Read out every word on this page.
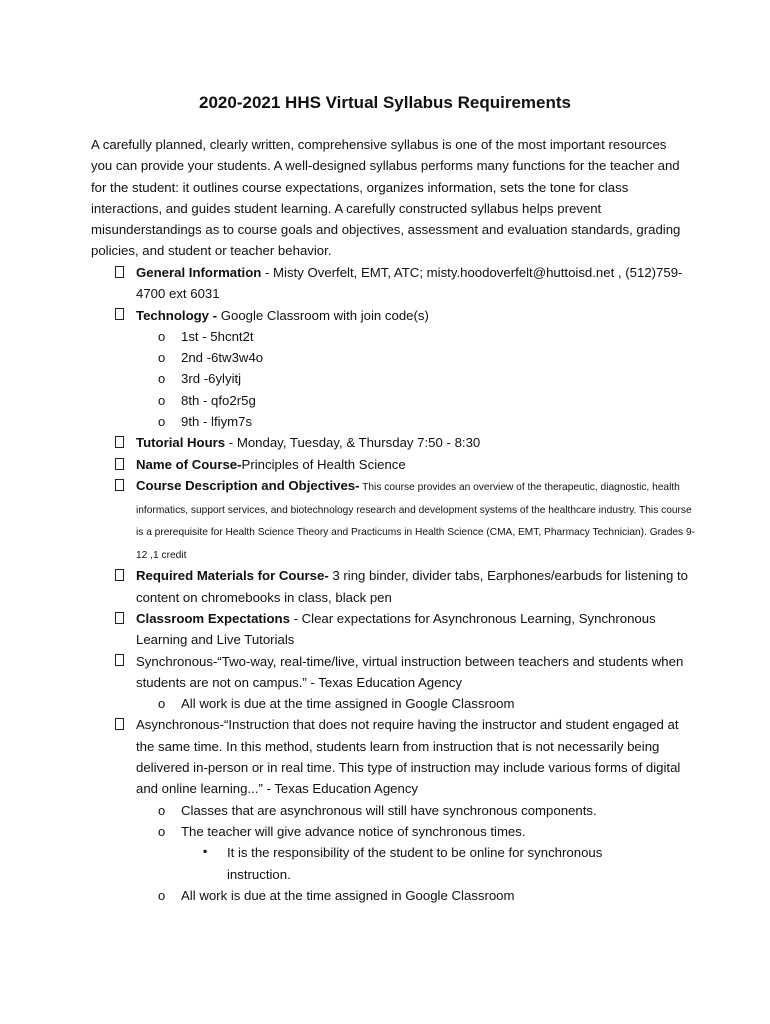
2020-2021 HHS Virtual Syllabus Requirements

A carefully planned, clearly written, comprehensive syllabus is one of the most important resources you can provide your students. A well-designed syllabus performs many functions for the teacher and for the student: it outlines course expectations, organizes information, sets the tone for class interactions, and guides student learning. A carefully constructed syllabus helps prevent misunderstandings as to course goals and objectives, assessment and evaluation standards, grading policies, and student or teacher behavior.

General Information - Misty Overfelt, EMT, ATC; misty.hoodoverfelt@huttoisd.net , (512)759-4700 ext 6031
Technology - Google Classroom with join code(s)
o 1st - 5hcnt2t
o 2nd -6tw3w4o
o 3rd -6ylyitj
o 8th - qfo2r5g
o 9th - lfiym7s
Tutorial Hours - Monday, Tuesday, & Thursday 7:50 - 8:30
Name of Course-Principles of Health Science
Course Description and Objectives- This course provides an overview of the therapeutic, diagnostic, health informatics, support services, and biotechnology research and development systems of the healthcare industry. This course is a prerequisite for Health Science Theory and Practicums in Health Science (CMA, EMT, Pharmacy Technician). Grades 9-12 ,1 credit
Required Materials for Course- 3 ring binder, divider tabs, Earphones/earbuds for listening to content on chromebooks in class, black pen
Classroom Expectations - Clear expectations for Asynchronous Learning, Synchronous Learning and Live Tutorials
Synchronous-“Two-way, real-time/live, virtual instruction between teachers and students when students are not on campus.” - Texas Education Agency
o All work is due at the time assigned in Google Classroom
Asynchronous-“Instruction that does not require having the instructor and student engaged at the same time. In this method, students learn from instruction that is not necessarily being delivered in-person or in real time. This type of instruction may include various forms of digital and online learning...” - Texas Education Agency
o Classes that are asynchronous will still have synchronous components.
o The teacher will give advance notice of synchronous times.
▪ It is the responsibility of the student to be online for synchronous instruction.
o All work is due at the time assigned in Google Classroom
